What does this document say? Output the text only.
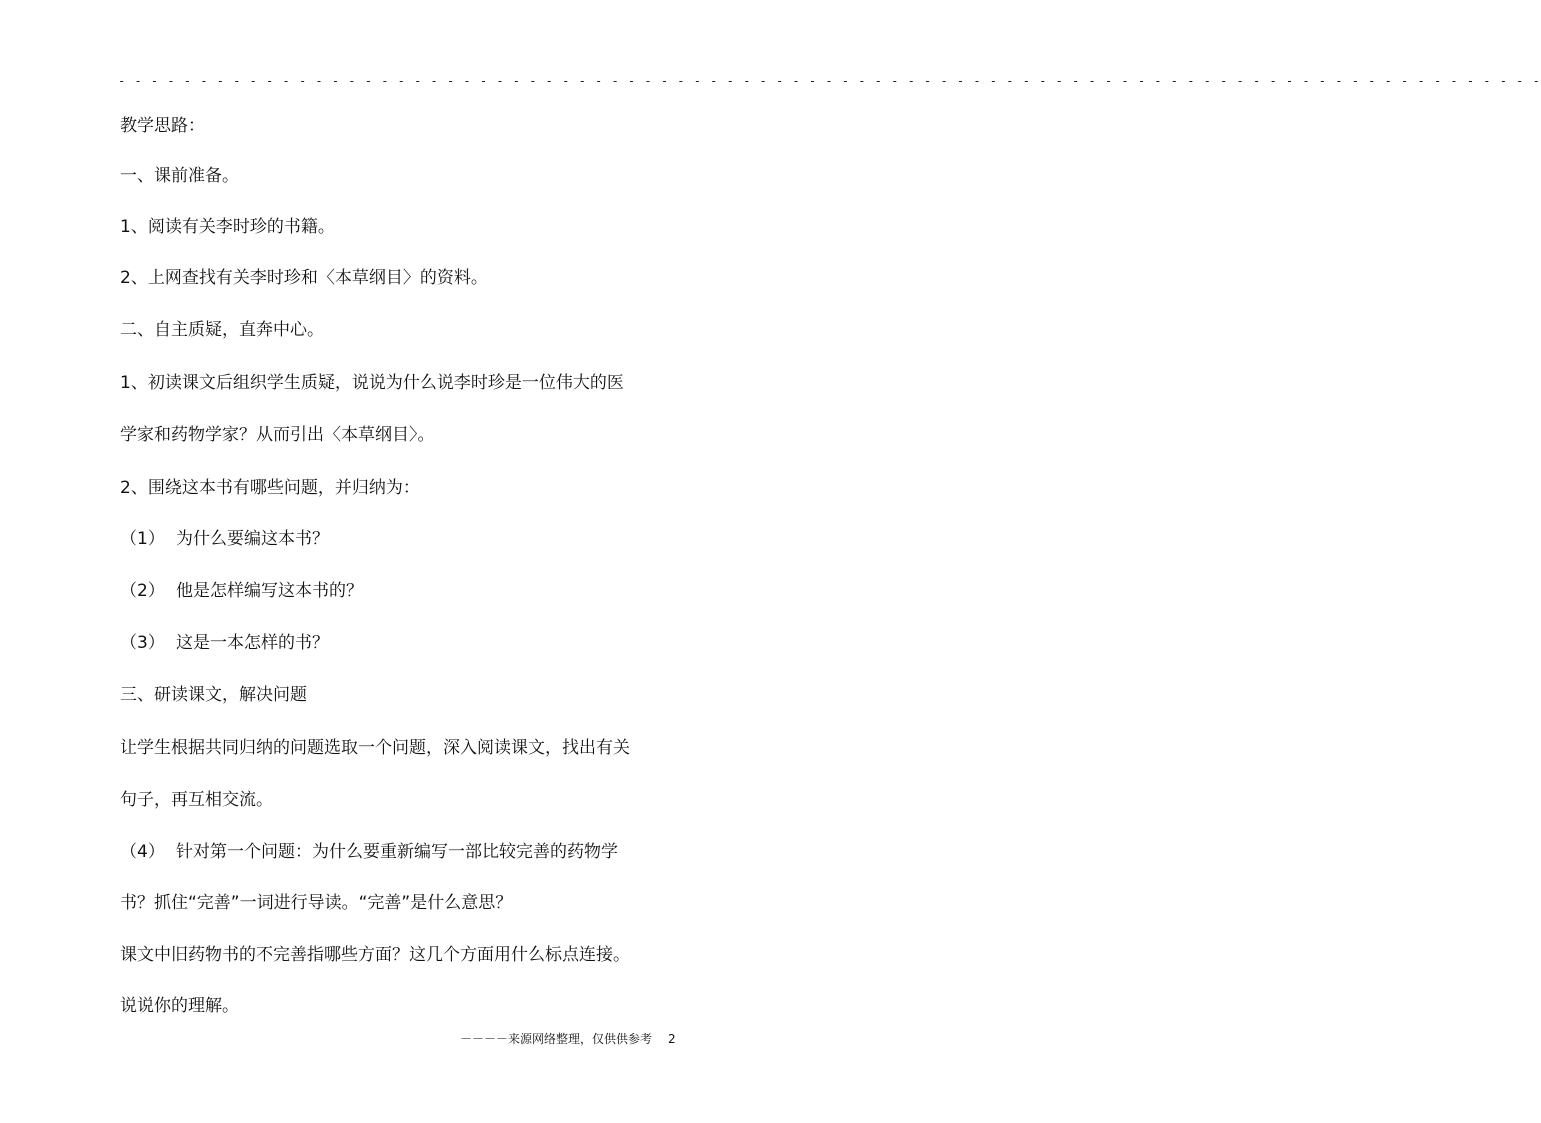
- - - - - - - - - - - - - - - - - - - - - - - - - - - - - - - - - - - - - - - - - - - - - - - - - - - - - - - - - - - - - - - - - - - - - - - - - - - - - - - - - - - - - - -
教学思路：
一、课前准备。
1、阅读有关李时珍的书籍。
2、上网查找有关李时珍和〈本草纲目〉的资料。
二、自主质疑，直奔中心。
1、初读课文后组织学生质疑，说说为什么说李时珍是一位伟大的医
学家和药物学家？从而引出〈本草纲目〉。
2、围绕这本书有哪些问题，并归纳为：
（1） 为什么要编这本书？
（2） 他是怎样编写这本书的？
（3） 这是一本怎样的书？
三、研读课文，解决问题
让学生根据共同归纳的问题选取一个问题，深入阅读课文，找出有关
句子，再互相交流。
（4） 针对第一个问题：为什么要重新编写一部比较完善的药物学
书？抓住“完善”一词进行导读。“完善”是什么意思？
课文中旧药物书的不完善指哪些方面？这几个方面用什么标点连接。
说说你的理解。
－－－－来源网络整理，仅供供参考 2
